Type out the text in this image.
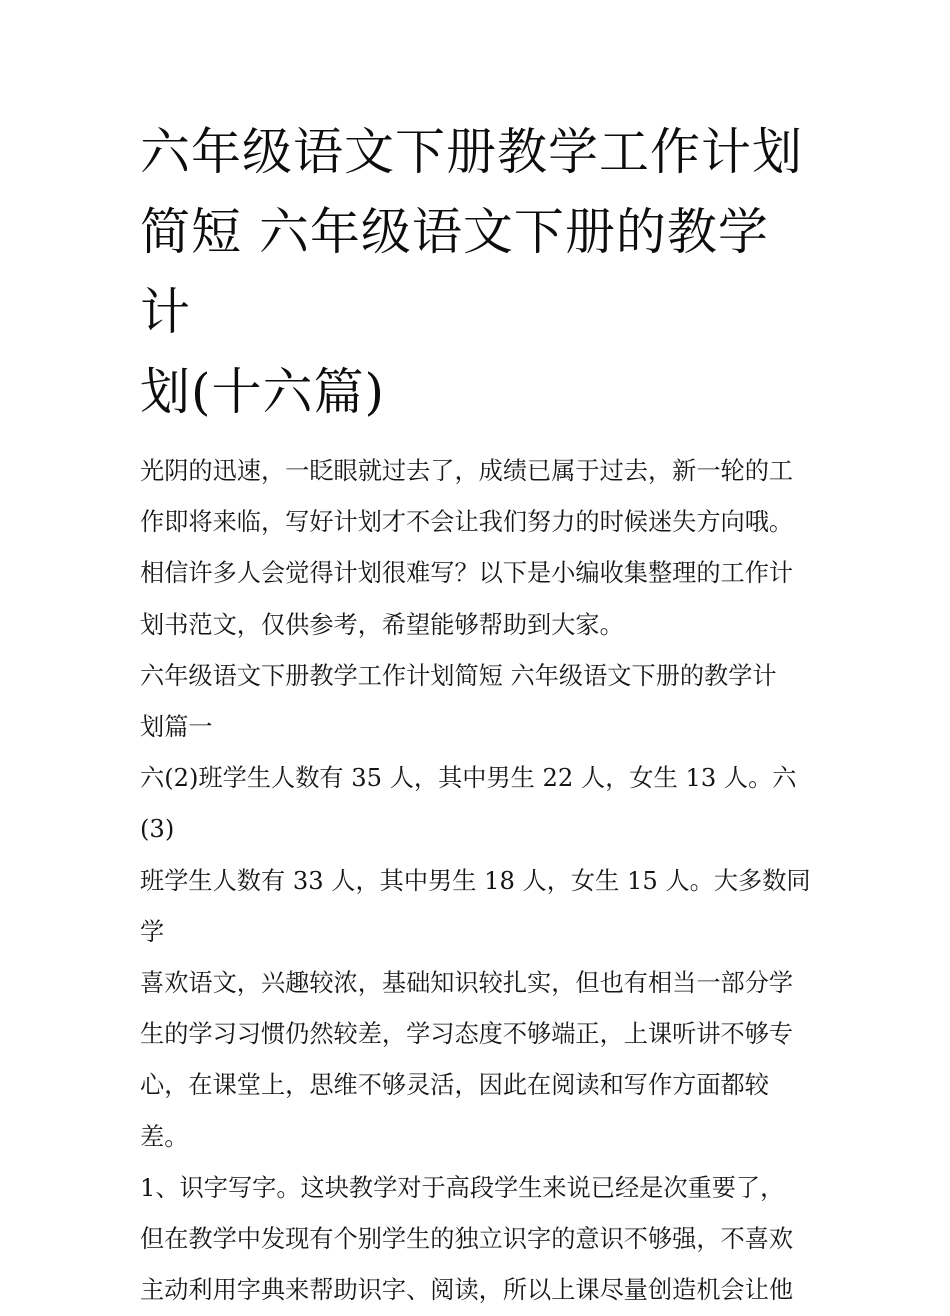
六年级语文下册教学工作计划
简短 六年级语文下册的教学计
划(十六篇)

光阴的迅速，一眨眼就过去了，成绩已属于过去，新一轮的工
作即将来临，写好计划才不会让我们努力的时候迷失方向哦。
相信许多人会觉得计划很难写？以下是小编收集整理的工作计
划书范文，仅供参考，希望能够帮助到大家。

六年级语文下册教学工作计划简短 六年级语文下册的教学计
划篇一

六(2)班学生人数有 35 人，其中男生 22 人，女生 13 人。六(3)
班学生人数有 33 人，其中男生 18 人，女生 15 人。大多数同学
喜欢语文，兴趣较浓，基础知识较扎实，但也有相当一部分学
生的学习习惯仍然较差，学习态度不够端正，上课听讲不够专
心，在课堂上，思维不够灵活，因此在阅读和写作方面都较
差。

1、识字写字。这块教学对于高段学生来说已经是次重要了，
但在教学中发现有个别学生的独立识字的意识不够强，不喜欢
主动利用字典来帮助识字、阅读，所以上课尽量创造机会让他
